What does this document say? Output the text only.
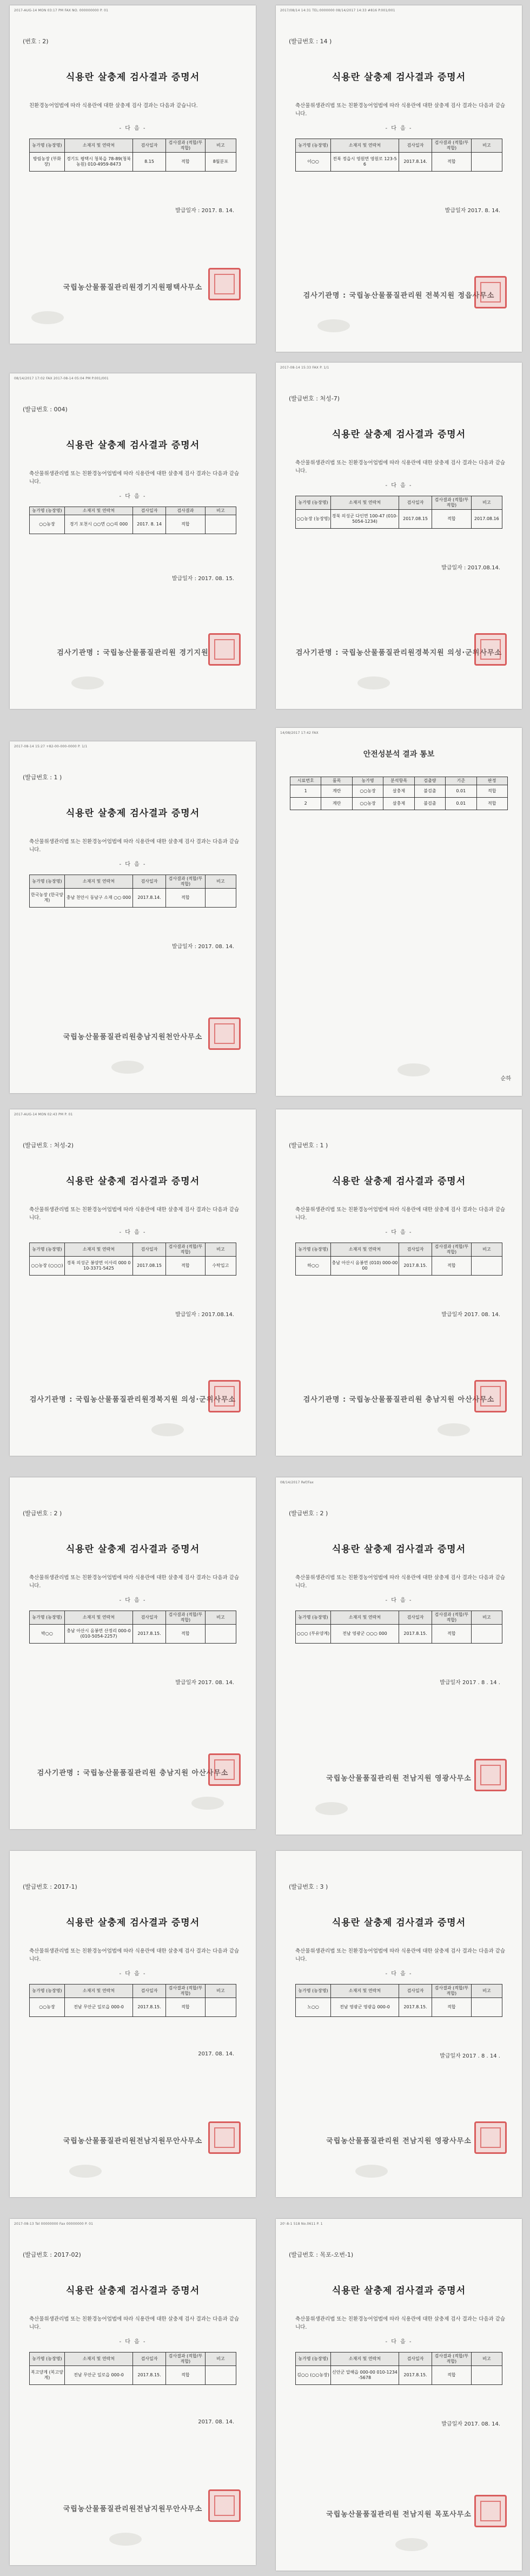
2017-AUG-14 MON 03:17 PM FAX NO. 000000000 P. 01
(번호 : 2)
식용란 살충제 검사결과 증명서
친환경농어업법에 따라 식용란에 대한 살충제 검사 결과는 다음과 같습니다.
- 다 음 -
농가명 (농장명)	소재지 및 연락처	검사일자	검사결과 (적합/부적합)	비고
방림농장 (부화장)	경기도 평택시 청북읍 78-89(청북농원) 010-4959-8473	8.15	적합	8월분포
발급일자 : 2017. 8. 14.
국립농산물품질관리원경기지원평택사무소
2017/08/14 14:31 TEL:0000000 08/14/2017 14:33 #816 P.001/001
(발급번호 : 14 )
식용란 살충제 검사결과 증명서
축산물위생관리법 또는 친환경농어업법에 따라 식용란에 대한 살충제 검사 결과는 다음과 같습니다.
- 다 음 -
농가명 (농장명)	소재지 및 연락처	검사일자	검사결과 (적합/부적합)	비고
이○○	전북 정읍시 영원면 영원로 123-56	2017.8.14.	적합	
발급일자 2017. 8. 14.
검사기관명 : 국립농산물품질관리원 전북지원 정읍사무소
08/14/2017 17:02 FAX 2017-08-14 05:04 PM P.001/001
(발급번호 : 004)
식용란 살충제 검사결과 증명서
축산물위생관리법 또는 친환경농어업법에 따라 식용란에 대한 살충제 검사 결과는 다음과 같습니다.
- 다 음 -
농가명 (농장명)	소재지 및 연락처	검사일자	검사결과	비고
○○농장	경기 포천시 ○○면 ○○리 000	2017. 8. 14	적합	
발급일자 : 2017. 08. 15.
검사기관명 : 국립농산물품질관리원 경기지원
2017-08-14 15:33 FAX P. 1/1
(발급번호 : 처성-7)
식용란 살충제 검사결과 증명서
축산물위생관리법 또는 친환경농어업법에 따라 식용란에 대한 살충제 검사 결과는 다음과 같습니다.
- 다 음 -
농가명 (농장명)	소재지 및 연락처	검사일자	검사결과 (적합/부적합)	비고
○○농장 (농장명)	경북 의성군 다인면 100-47 (010-5054-1234)	2017.08.15	적합	2017.08.16
발급일자 : 2017.08.14.
검사기관명 : 국립농산물품질관리원경북지원 의성·군위사무소
2017-08-14 15:27 +82-00-000-0000 P. 1/1
(발급번호 : 1 )
식용란 살충제 검사결과 증명서
축산물위생관리법 또는 친환경농어업법에 따라 식용란에 대한 살충제 검사 결과는 다음과 같습니다.
- 다 음 -
농가명 (농장명)	소재지 및 연락처	검사일자	검사결과 (적합/부적합)	비고
한국농장 (한국양계)	충남 천안시 동남구 소재 ○○ 000	2017.8.14.	적합	
발급일자 : 2017. 08. 14.
국립농산물품질관리원충남지원천안사무소
14/08/2017 17:42 FAX
안전성분석 결과 통보
시료번호	품목	농가명	분석항목	검출량	기준	판정
1	계란	○○농장	살충제	불검출	0.01	적합
2	계란	○○농장	살충제	불검출	0.01	적합
순하
2017-AUG-14 MON 02:43 PM P. 01
(발급번호 : 처성-2)
식용란 살충제 검사결과 증명서
축산물위생관리법 또는 친환경농어업법에 따라 식용란에 대한 살충제 검사 결과는 다음과 같습니다.
- 다 음 -
농가명 (농장명)	소재지 및 연락처	검사일자	검사결과 (적합/부적합)	비고
○○농장 (○○○)	경북 의성군 봉양면 이사리 000 010-3371-5425	2017.08.15	적합	수탁입고
발급일자 : 2017.08.14.
검사기관명 : 국립농산물품질관리원경북지원 의성·군위사무소
(발급번호 : 1 )
식용란 살충제 검사결과 증명서
축산물위생관리법 또는 친환경농어업법에 따라 식용란에 대한 살충제 검사 결과는 다음과 같습니다.
- 다 음 -
농가명 (농장명)	소재지 및 연락처	검사일자	검사결과 (적합/부적합)	비고
하○○	충남 아산시 음봉면 (010) 000-0000	2017.8.15.	적합	
발급일자 2017. 08. 14.
검사기관명 : 국립농산물품질관리원 충남지원 아산사무소
(발급번호 : 2 )
식용란 살충제 검사결과 증명서
축산물위생관리법 또는 친환경농어업법에 따라 식용란에 대한 살충제 검사 결과는 다음과 같습니다.
- 다 음 -
농가명 (농장명)	소재지 및 연락처	검사일자	검사결과 (적합/부적합)	비고
박○○	충남 아산시 음봉면 산정리 000-0 (010-5054-2257)	2017.8.15.	적합	
발급일자 2017. 08. 14.
검사기관명 : 국립농산물품질관리원 충남지원 아산사무소
08/14/2017 Ref/Fax
(발급번호 : 2 )
식용란 살충제 검사결과 증명서
축산물위생관리법 또는 친환경농어업법에 따라 식용란에 대한 살충제 검사 결과는 다음과 같습니다.
- 다 음 -
농가명 (농장명)	소재지 및 연락처	검사일자	검사결과 (적합/부적합)	비고
○○○ (부유양계)	전남 영광군 ○○○ 000	2017.8.15.	적합	
발급일자 2017 . 8 . 14 .
국립농산물품질관리원 전남지원 영광사무소
(발급번호 : 2017-1)
식용란 살충제 검사결과 증명서
축산물위생관리법 또는 친환경농어업법에 따라 식용란에 대한 살충제 검사 결과는 다음과 같습니다.
- 다 음 -
농가명 (농장명)	소재지 및 연락처	검사일자	검사결과 (적합/부적합)	비고
○○농장	전남 무안군 일로읍 000-0	2017.8.15.	적합	
2017. 08. 14.
국립농산물품질관리원전남지원무안사무소
(발급번호 : 3 )
식용란 살충제 검사결과 증명서
축산물위생관리법 또는 친환경농어업법에 따라 식용란에 대한 살충제 검사 결과는 다음과 같습니다.
- 다 음 -
농가명 (농장명)	소재지 및 연락처	검사일자	검사결과 (적합/부적합)	비고
노○○	전남 영광군 영광읍 000-0	2017.8.15.	적합	
발급일자 2017 . 8 . 14 .
국립농산물품질관리원 전남지원 영광사무소
2017-08-13 Tel 00000000 Fax 00000000 P. 01
(발급번호 : 2017-02)
식용란 살충제 검사결과 증명서
축산물위생관리법 또는 친환경농어업법에 따라 식용란에 대한 살충제 검사 결과는 다음과 같습니다.
- 다 음 -
농가명 (농장명)	소재지 및 연락처	검사일자	검사결과 (적합/부적합)	비고
복고양계 (복고양계)	전남 무안군 일로읍 000-0	2017.8.15.	적합	
2017. 08. 14.
국립농산물품질관리원전남지원무안사무소
20'-8-1 518 No.0611 P. 1
(발급번호 : 목포-오번-1)
식용란 살충제 검사결과 증명서
축산물위생관리법 또는 친환경농어업법에 따라 식용란에 대한 살충제 검사 결과는 다음과 같습니다.
- 다 음 -
농가명 (농장명)	소재지 및 연락처	검사일자	검사결과 (적합/부적합)	비고
김○○ (○○농장)	신안군 압해읍 000-00 010-1234-5678	2017.8.15.	적합	
발급일자 2017. 08. 14.
국립농산물품질관리원 전남지원 목포사무소
